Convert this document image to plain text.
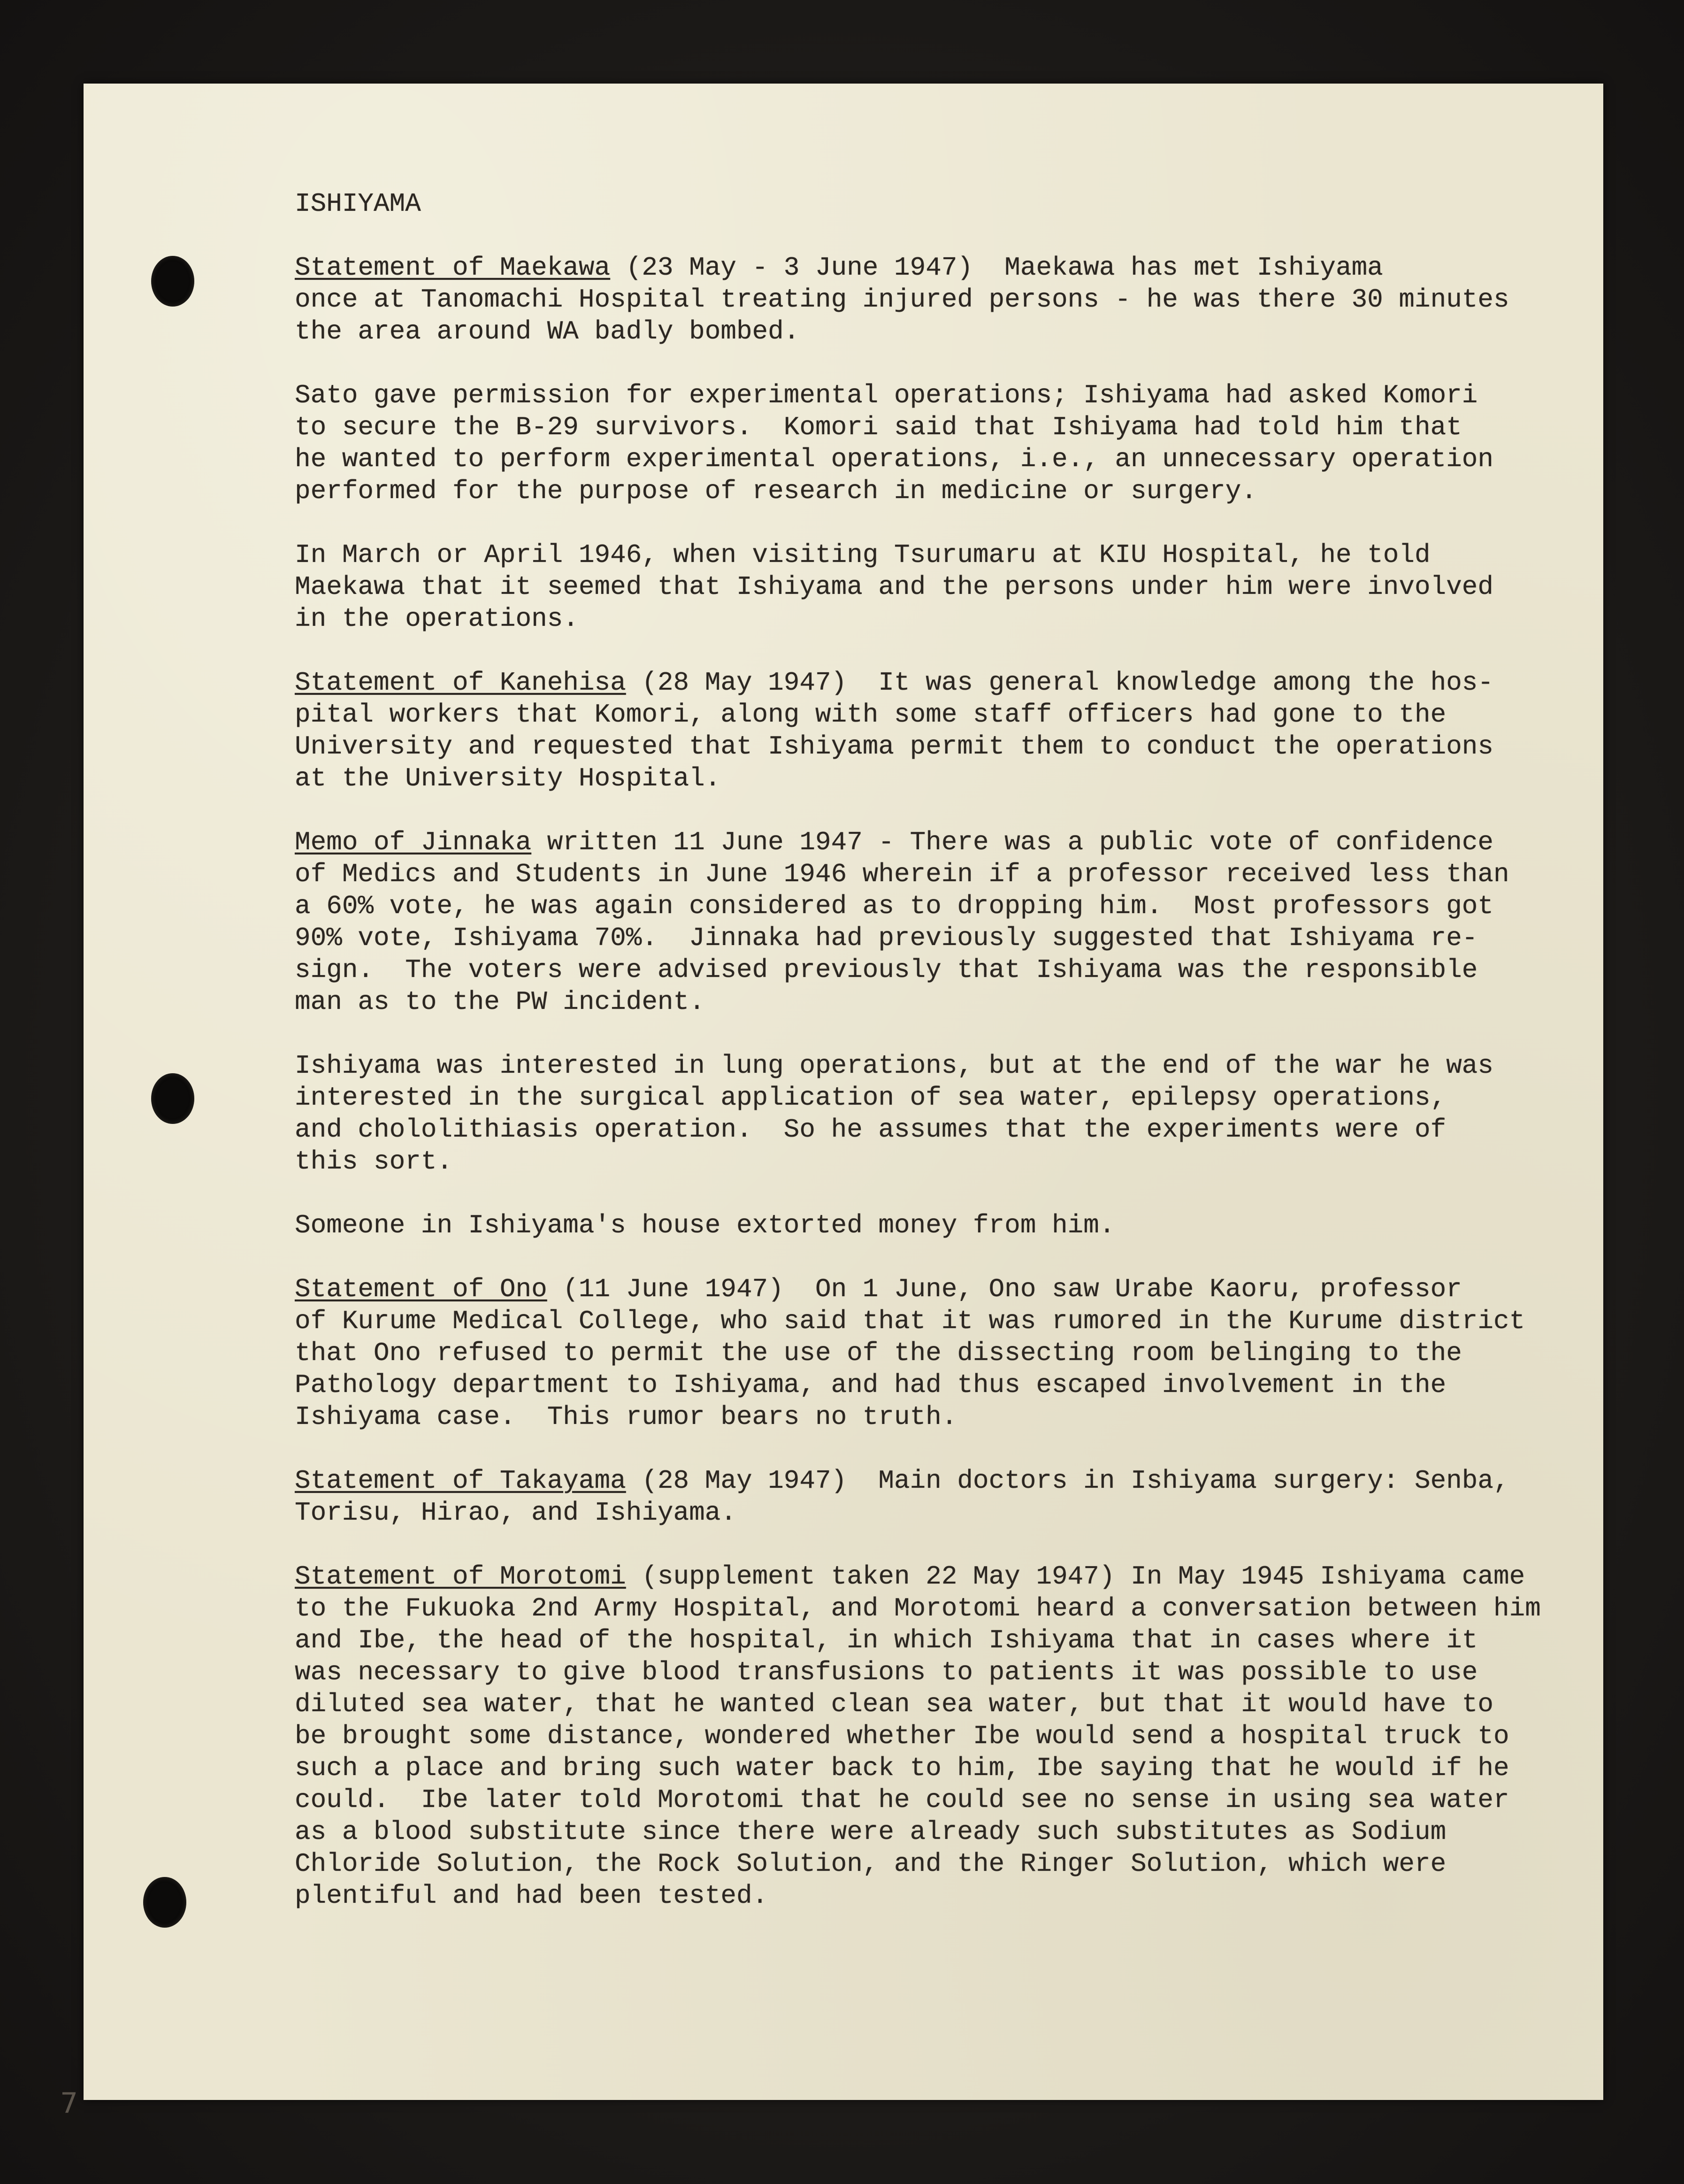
ISHIYAMA

Statement of Maekawa (23 May - 3 June 1947)  Maekawa has met Ishiyama
once at Tanomachi Hospital treating injured persons - he was there 30 minutes
the area around WA badly bombed.
Sato gave permission for experimental operations; Ishiyama had asked Komori
to secure the B-29 survivors.  Komori said that Ishiyama had told him that
he wanted to perform experimental operations, i.e., an unnecessary operation
performed for the purpose of research in medicine or surgery.
In March or April 1946, when visiting Tsurumaru at KIU Hospital, he told
Maekawa that it seemed that Ishiyama and the persons under him were involved
in the operations.
Statement of Kanehisa (28 May 1947)  It was general knowledge among the hos-
pital workers that Komori, along with some staff officers had gone to the
University and requested that Ishiyama permit them to conduct the operations
at the University Hospital.
Memo of Jinnaka written 11 June 1947 - There was a public vote of confidence
of Medics and Students in June 1946 wherein if a professor received less than
a 60% vote, he was again considered as to dropping him.  Most professors got
90% vote, Ishiyama 70%.  Jinnaka had previously suggested that Ishiyama re-
sign.  The voters were advised previously that Ishiyama was the responsible
man as to the PW incident.
Ishiyama was interested in lung operations, but at the end of the war he was
interested in the surgical application of sea water, epilepsy operations,
and chololithiasis operation.  So he assumes that the experiments were of
this sort.
Someone in Ishiyama's house extorted money from him.
Statement of Ono (11 June 1947)  On 1 June, Ono saw Urabe Kaoru, professor
of Kurume Medical College, who said that it was rumored in the Kurume district
that Ono refused to permit the use of the dissecting room belinging to the
Pathology department to Ishiyama, and had thus escaped involvement in the
Ishiyama case.  This rumor bears no truth.
Statement of Takayama (28 May 1947)  Main doctors in Ishiyama surgery: Senba,
Torisu, Hirao, and Ishiyama.
Statement of Morotomi (supplement taken 22 May 1947) In May 1945 Ishiyama came
to the Fukuoka 2nd Army Hospital, and Morotomi heard a conversation between him
and Ibe, the head of the hospital, in which Ishiyama that in cases where it
was necessary to give blood transfusions to patients it was possible to use
diluted sea water, that he wanted clean sea water, but that it would have to
be brought some distance, wondered whether Ibe would send a hospital truck to
such a place and bring such water back to him, Ibe saying that he would if he
could.  Ibe later told Morotomi that he could see no sense in using sea water
as a blood substitute since there were already such substitutes as Sodium
Chloride Solution, the Rock Solution, and the Ringer Solution, which were
plentiful and had been tested.
7
